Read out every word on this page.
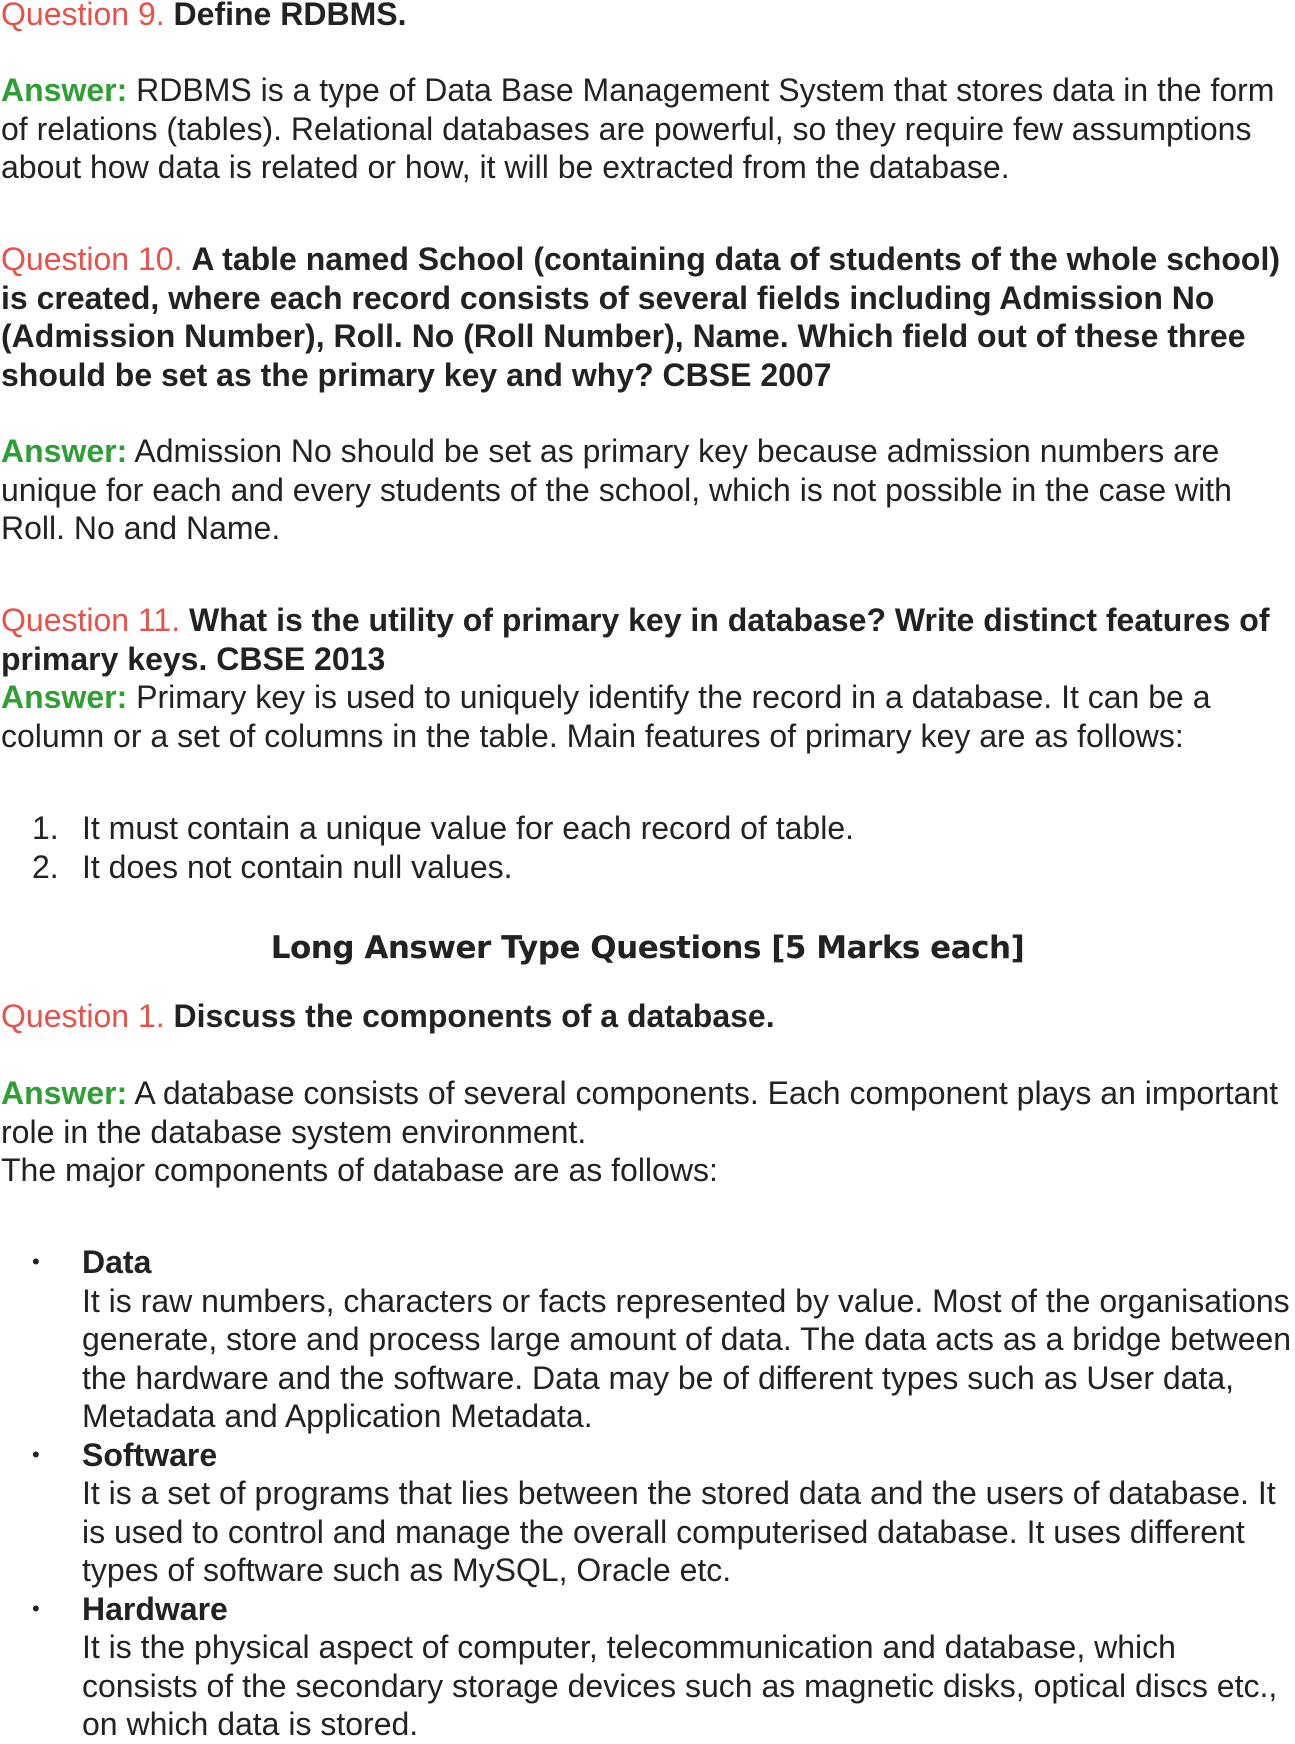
Question 9. Define RDBMS.

Answer: RDBMS is a type of Data Base Management System that stores data in the form of relations (tables). Relational databases are powerful, so they require few assumptions about how data is related or how, it will be extracted from the database.

Question 10. A table named School (containing data of students of the whole school) is created, where each record consists of several fields including Admission No (Admission Number), Roll. No (Roll Number), Name. Which field out of these three should be set as the primary key and why? CBSE 2007

Answer: Admission No should be set as primary key because admission numbers are unique for each and every students of the school, which is not possible in the case with Roll. No and Name.

Question 11. What is the utility of primary key in database? Write distinct features of primary keys. CBSE 2013

Answer: Primary key is used to uniquely identify the record in a database. It can be a column or a set of columns in the table. Main features of primary key are as follows:

1. It must contain a unique value for each record of table.
2. It does not contain null values.
Long Answer Type Questions [5 Marks each]

Question 1. Discuss the components of a database.

Answer: A database consists of several components. Each component plays an important role in the database system environment.
The major components of database are as follows:
• Data
It is raw numbers, characters or facts represented by value. Most of the organisations generate, store and process large amount of data. The data acts as a bridge between the hardware and the software. Data may be of different types such as User data, Metadata and Application Metadata.
• Software
It is a set of programs that lies between the stored data and the users of database. It is used to control and manage the overall computerised database. It uses different types of software such as MySQL, Oracle etc.
• Hardware
It is the physical aspect of computer, telecommunication and database, which consists of the secondary storage devices such as magnetic disks, optical discs etc., on which data is stored.
